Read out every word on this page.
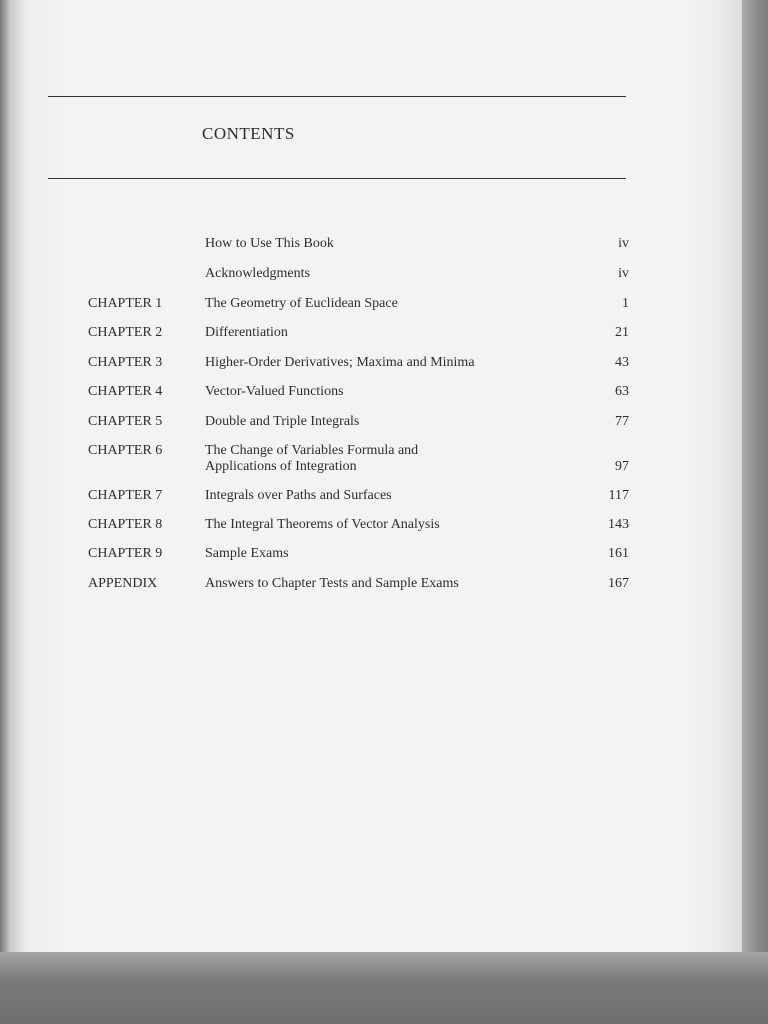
CONTENTS
How to Use This Book	iv
Acknowledgments	iv
CHAPTER 1	The Geometry of Euclidean Space	1
CHAPTER 2	Differentiation	21
CHAPTER 3	Higher-Order Derivatives; Maxima and Minima	43
CHAPTER 4	Vector-Valued Functions	63
CHAPTER 5	Double and Triple Integrals	77
CHAPTER 6	The Change of Variables Formula and
Applications of Integration	97
CHAPTER 7	Integrals over Paths and Surfaces	117
CHAPTER 8	The Integral Theorems of Vector Analysis	143
CHAPTER 9	Sample Exams	161
APPENDIX	Answers to Chapter Tests and Sample Exams	167
